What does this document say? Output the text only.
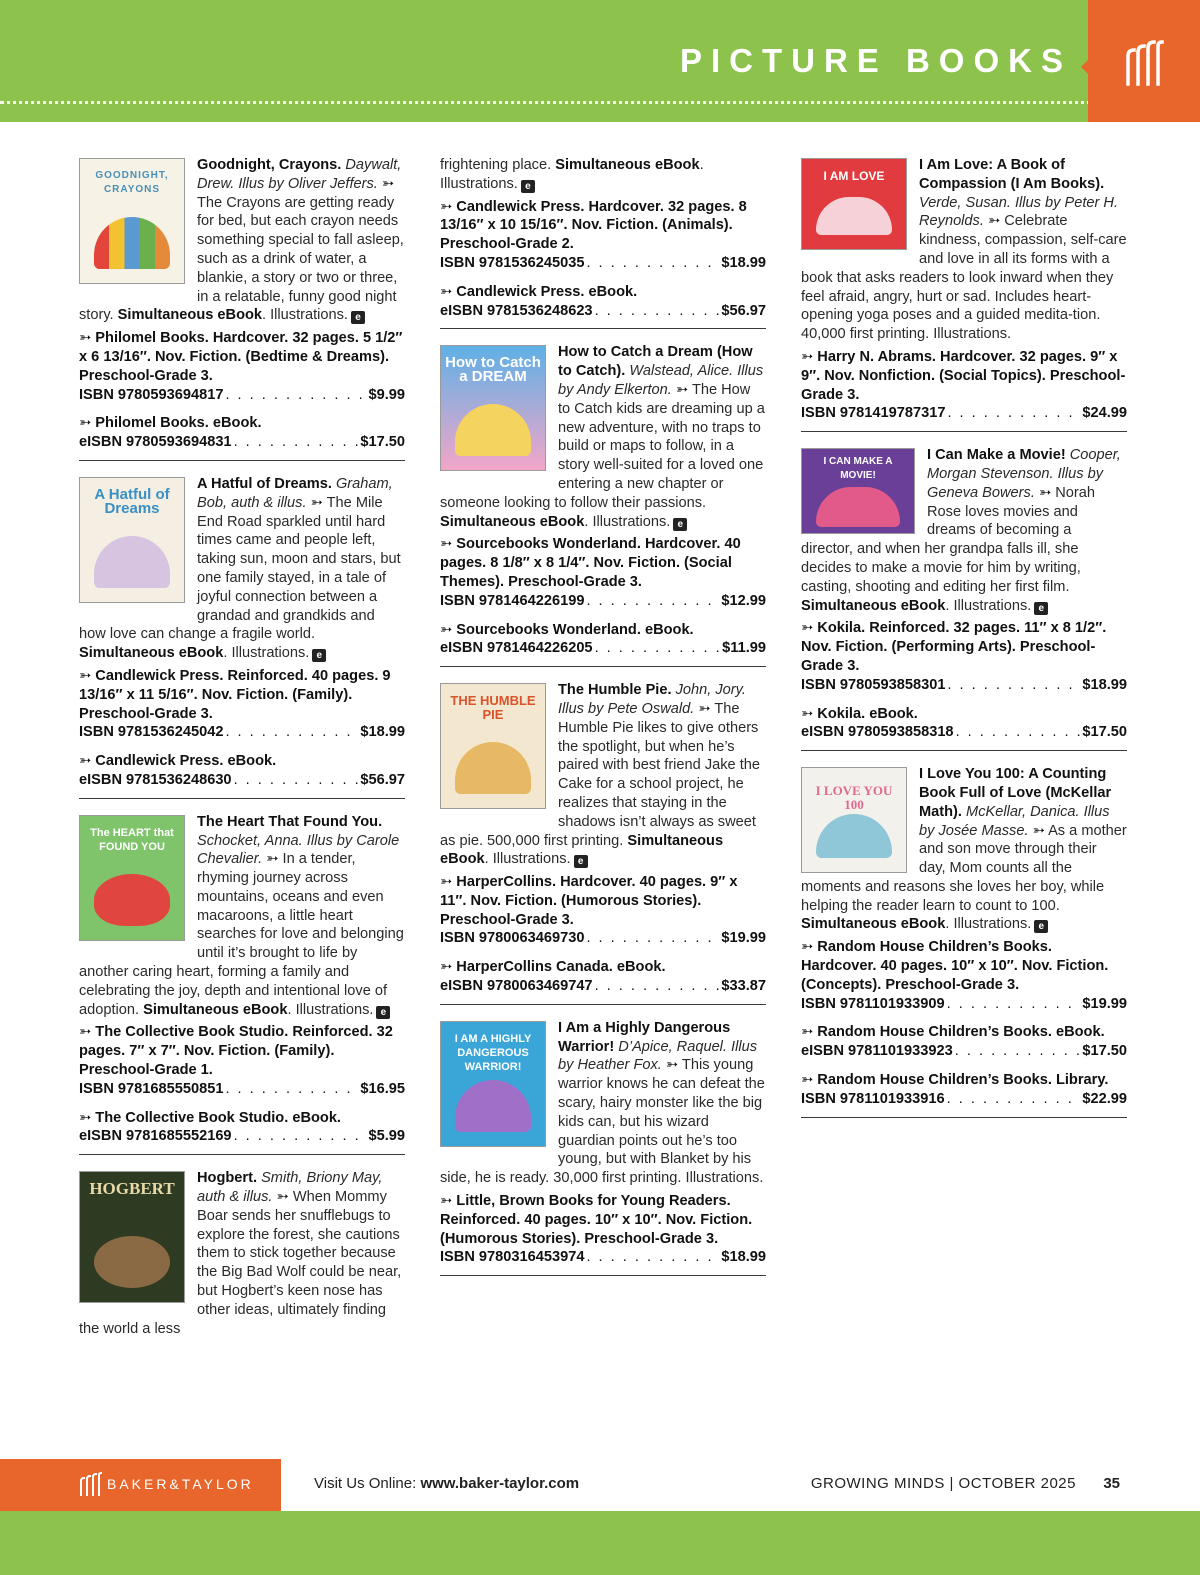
PICTURE BOOKS
GOODNIGHT, CRAYONS
Goodnight, Crayons. Daywalt, Drew. Illus by Oliver Jeffers. ➳ The Crayons are getting ready for bed, but each crayon needs something special to fall asleep, such as a drink of water, a blankie, a story or two or three, in a relatable, funny good night story. Simultaneous eBook. Illustrations. e
➳ Philomel Books. Hardcover. 32 pages. 5 1/2″ x 6 13/16″. Nov. Fiction. (Bedtime & Dreams). Preschool-Grade 3.
ISBN 9780593694817 . . .	$9.99
➳ Philomel Books. eBook.
eISBN 9780593694831 . . .	$17.50
A Hatful of Dreams
A Hatful of Dreams. Graham, Bob, auth & illus. ➳ The Mile End Road sparkled until hard times came and people left, taking sun, moon and stars, but one family stayed, in a tale of joyful connection between a grandad and grandkids and how love can change a fragile world. Simultaneous eBook. Illustrations. e
➳ Candlewick Press. Reinforced. 40 pages. 9 13/16″ x 11 5/16″. Nov. Fiction. (Family). Preschool-Grade 3.
ISBN 9781536245042 . . .	$18.99
➳ Candlewick Press. eBook.
eISBN 9781536248630 . . .	$56.97
The HEART that FOUND YOU
The Heart That Found You. Schocket, Anna. Illus by Carole Chevalier. ➳ In a tender, rhyming journey across mountains, oceans and even macaroons, a little heart searches for love and belonging until it’s brought to life by another caring heart, forming a family and celebrating the joy, depth and intentional love of adoption. Simultaneous eBook. Illustrations. e
➳ The Collective Book Studio. Reinforced. 32 pages. 7″ x 7″. Nov. Fiction. (Family). Preschool-Grade 1.
ISBN 9781685550851 . . .	$16.95
➳ The Collective Book Studio. eBook.
eISBN 9781685552169 . . .	$5.99
HOGBERT
Hogbert. Smith, Briony May, auth & illus. ➳ When Mommy Boar sends her snufflebugs to explore the forest, she cautions them to stick together because the Big Bad Wolf could be near, but Hogbert’s keen nose has other ideas, ultimately finding the world a less
frightening place. Simultaneous eBook. Illustrations. e
➳ Candlewick Press. Hardcover. 32 pages. 8 13/16″ x 10 15/16″. Nov. Fiction. (Animals). Preschool-Grade 2.
ISBN 9781536245035 . . .	$18.99
➳ Candlewick Press. eBook.
eISBN 9781536248623 . . .	$56.97
How to Catch a DREAM
How to Catch a Dream (How to Catch). Walstead, Alice. Illus by Andy Elkerton. ➳ The How to Catch kids are dreaming up a new adventure, with no traps to build or maps to follow, in a story well-suited for a loved one entering a new chapter or someone looking to follow their passions. Simultaneous eBook. Illustrations. e
➳ Sourcebooks Wonderland. Hardcover. 40 pages. 8 1/8″ x 8 1/4″. Nov. Fiction. (Social Themes). Preschool-Grade 3.
ISBN 9781464226199 . . .	$12.99
➳ Sourcebooks Wonderland. eBook.
eISBN 9781464226205 . . .	$11.99
THE HUMBLE PIE
The Humble Pie. John, Jory. Illus by Pete Oswald. ➳ The Humble Pie likes to give others the spotlight, but when he’s paired with best friend Jake the Cake for a school project, he realizes that staying in the shadows isn’t always as sweet as pie. 500,000 first printing. Simultaneous eBook. Illustrations. e
➳ HarperCollins. Hardcover. 40 pages. 9″ x 11″. Nov. Fiction. (Humorous Stories). Preschool-Grade 3.
ISBN 9780063469730 . . .	$19.99
➳ HarperCollins Canada. eBook.
eISBN 9780063469747 . . .	$33.87
I AM A HIGHLY DANGEROUS WARRIOR!
I Am a Highly Dangerous Warrior! D’Apice, Raquel. Illus by Heather Fox. ➳ This young warrior knows he can defeat the scary, hairy monster like the big kids can, but his wizard guardian points out he’s too young, but with Blanket by his side, he is ready. 30,000 first printing. Illustrations.
➳ Little, Brown Books for Young Readers. Reinforced. 40 pages. 10″ x 10″. Nov. Fiction. (Humorous Stories). Preschool-Grade 3.
ISBN 9780316453974 . . .	$18.99
I AM LOVE
I Am Love: A Book of Compassion (I Am Books). Verde, Susan. Illus by Peter H. Reynolds. ➳ Celebrate kindness, compassion, self-care and love in all its forms with a book that asks readers to look inward when they feel afraid, angry, hurt or sad. Includes heart-opening yoga poses and a guided medita-tion. 40,000 first printing. Illustrations.
➳ Harry N. Abrams. Hardcover. 32 pages. 9″ x 9″. Nov. Nonfiction. (Social Topics). Preschool-Grade 3.
ISBN 9781419787317 . . .	$24.99
I CAN MAKE A MOVIE!
I Can Make a Movie! Cooper, Morgan Stevenson. Illus by Geneva Bowers. ➳ Norah Rose loves movies and dreams of becoming a director, and when her grandpa falls ill, she decides to make a movie for him by writing, casting, shooting and editing her first film. Simultaneous eBook. Illustrations. e
➳ Kokila. Reinforced. 32 pages. 11″ x 8 1/2″. Nov. Fiction. (Performing Arts). Preschool-Grade 3.
ISBN 9780593858301 . . .	$18.99
➳ Kokila. eBook.
eISBN 9780593858318 . . .	$17.50
I LOVE YOU 100
I Love You 100: A Counting Book Full of Love (McKellar Math). McKellar, Danica. Illus by Josée Masse. ➳ As a mother and son move through their day, Mom counts all the moments and reasons she loves her boy, while helping the reader learn to count to 100. Simultaneous eBook. Illustrations. e
➳ Random House Children’s Books. Hardcover. 40 pages. 10″ x 10″. Nov. Fiction. (Concepts). Preschool-Grade 3.
ISBN 9781101933909 . . .	$19.99
➳ Random House Children’s Books. eBook.
eISBN 9781101933923 . . .	$17.50
➳ Random House Children’s Books. Library.
ISBN 9781101933916 . . .	$22.99
BAKER&TAYLOR	Visit Us Online: www.baker-taylor.com	GROWING MINDS | OCTOBER 2025 35
